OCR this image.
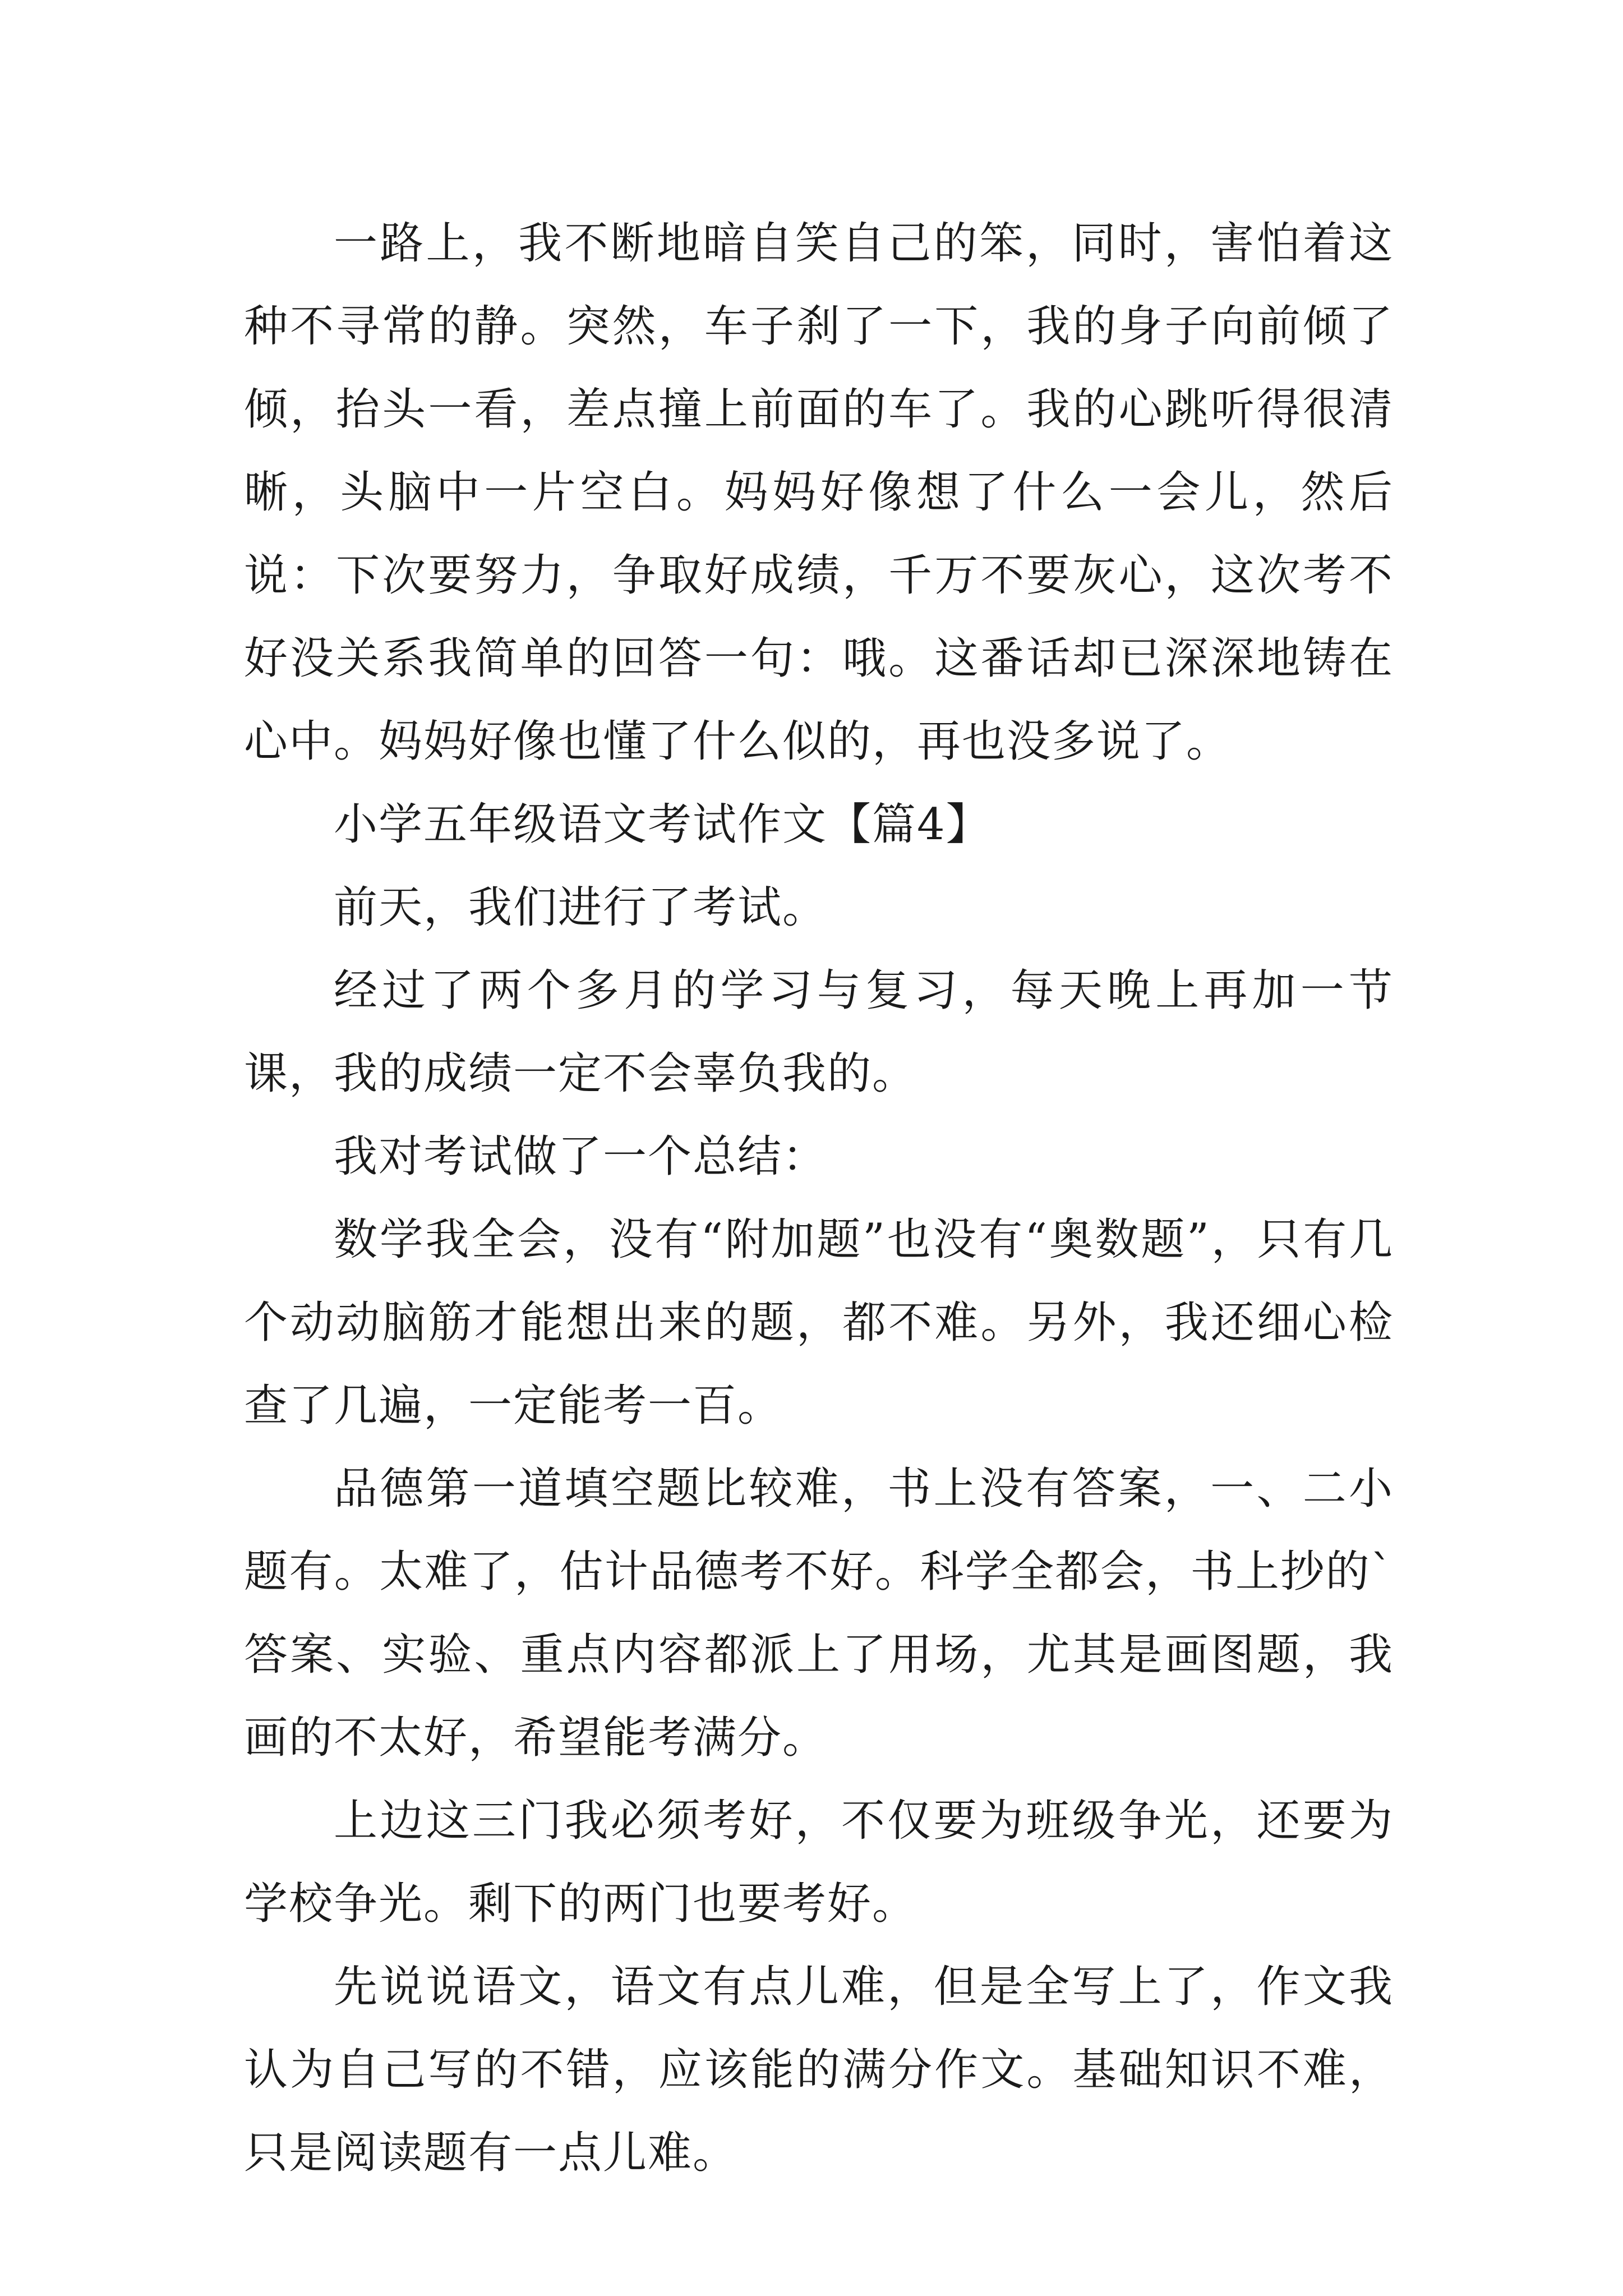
一路上，我不断地暗自笑自己的笨，同时，害怕着这种不寻常的静。突然，车子刹了一下，我的身子向前倾了倾，抬头一看，差点撞上前面的车了。我的心跳听得很清晰，头脑中一片空白。妈妈好像想了什么一会儿，然后说：下次要努力，争取好成绩，千万不要灰心，这次考不好没关系我简单的回答一句：哦。这番话却已深深地铸在心中。妈妈好像也懂了什么似的，再也没多说了。

小学五年级语文考试作文【篇4】

前天，我们进行了考试。

经过了两个多月的学习与复习，每天晚上再加一节课，我的成绩一定不会辜负我的。

我对考试做了一个总结：

数学我全会，没有“附加题”也没有“奥数题”，只有几个动动脑筋才能想出来的题，都不难。另外，我还细心检查了几遍，一定能考一百。

品德第一道填空题比较难，书上没有答案，一、二小题有。太难了，估计品德考不好。科学全都会，书上抄的`答案、实验、重点内容都派上了用场，尤其是画图题，我画的不太好，希望能考满分。

上边这三门我必须考好，不仅要为班级争光，还要为学校争光。剩下的两门也要考好。

先说说语文，语文有点儿难，但是全写上了，作文我认为自己写的不错，应该能的满分作文。基础知识不难，只是阅读题有一点儿难。
